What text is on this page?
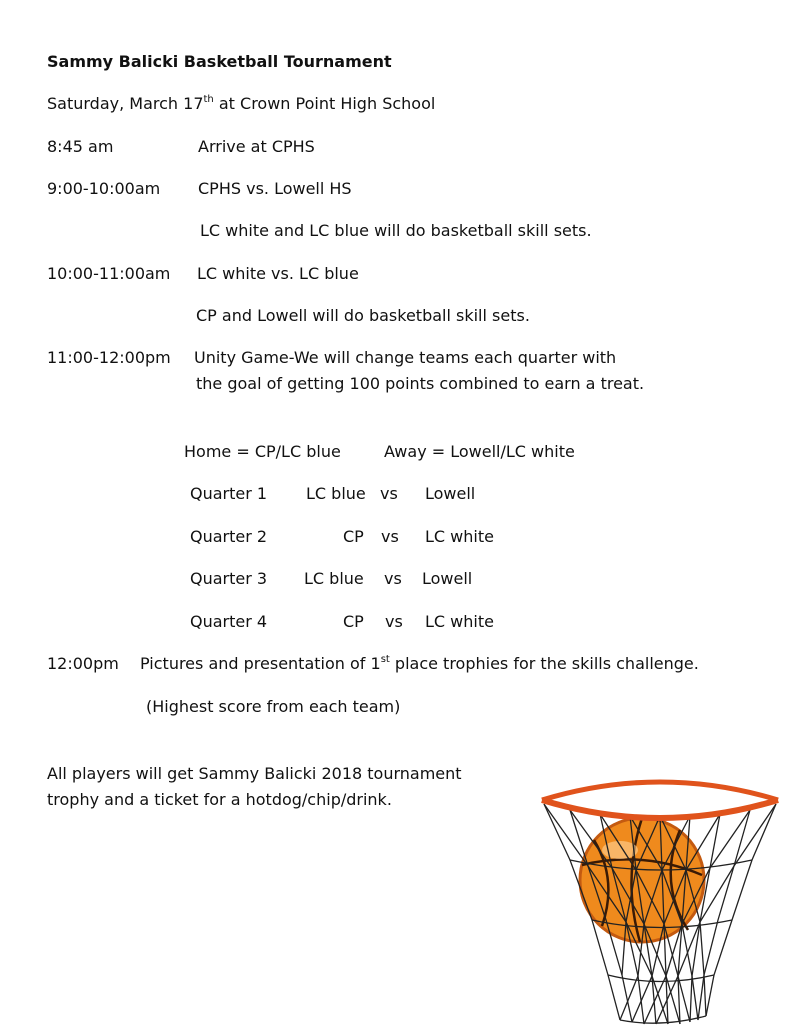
Sammy Balicki Basketball Tournament
Saturday, March 17th at Crown Point High School
8:45 am	Arrive at CPHS
9:00-10:00am CPHS vs. Lowell HS
LC white and LC blue will do basketball skill sets.
10:00-11:00am LC white vs. LC blue
CP and Lowell will do basketball skill sets.
11:00-12:00pm Unity Game-We will change teams each quarter with
the goal of getting 100 points combined to earn a treat.
Home = CP/LC blue	Away = Lowell/LC white
Quarter 1 LC blue vs Lowell
Quarter 2	CP vs LC white
Quarter 3 LC blue vs Lowell
Quarter 4	CP vs LC white
12:00pm Pictures and presentation of 1st place trophies for the skills challenge.
(Highest score from each team)
All players will get Sammy Balicki 2018 tournament
trophy and a ticket for a hotdog/chip/drink.
